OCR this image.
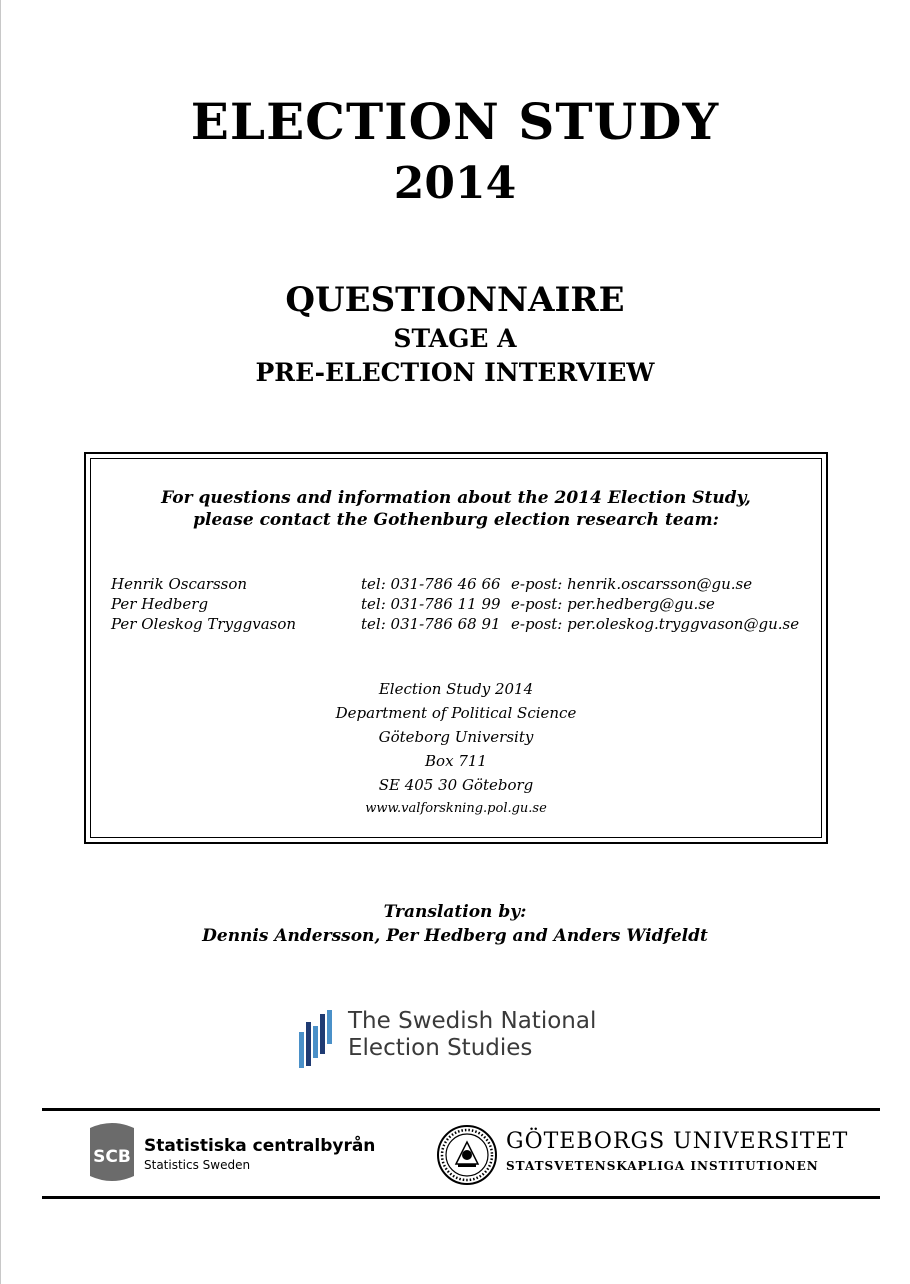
ELECTION STUDY
2014
QUESTIONNAIRE
STAGE A
PRE-ELECTION INTERVIEW
For questions and information about the 2014 Election Study,
please contact the Gothenburg election research team:
Henrik Oscarsson	tel: 031-786 46 66 e-post: henrik.oscarsson@gu.se
Per Hedberg	tel: 031-786 11 99 e-post: per.hedberg@gu.se
Per Oleskog Tryggvason	tel: 031-786 68 91 e-post: per.oleskog.tryggvason@gu.se
Election Study 2014
Department of Political Science
Göteborg University
Box 711
SE 405 30 Göteborg
www.valforskning.pol.gu.se
Translation by:
Dennis Andersson, Per Hedberg and Anders Widfeldt
The Swedish National
Election Studies
SCB
Statistiska centralbyrån
Statistics Sweden
GÖTEBORGS UNIVERSITET
STATSVETENSKAPLIGA INSTITUTIONEN
